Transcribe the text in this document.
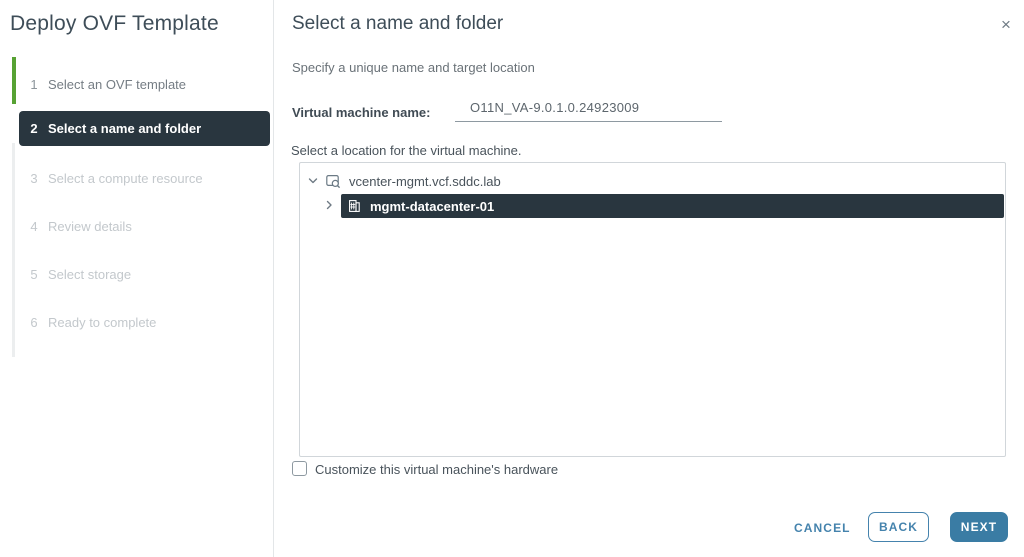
Deploy OVF Template
1 Select an OVF template
2 Select a name and folder
3 Select a compute resource
4 Review details
5 Select storage
6 Ready to complete
×
Select a name and folder
Specify a unique name and target location
Virtual machine name:
O11N_VA-9.0.1.0.24923009
Select a location for the virtual machine.
vcenter-mgmt.vcf.sddc.lab
mgmt-datacenter-01
Customize this virtual machine's hardware
CANCEL	BACK	NEXT
